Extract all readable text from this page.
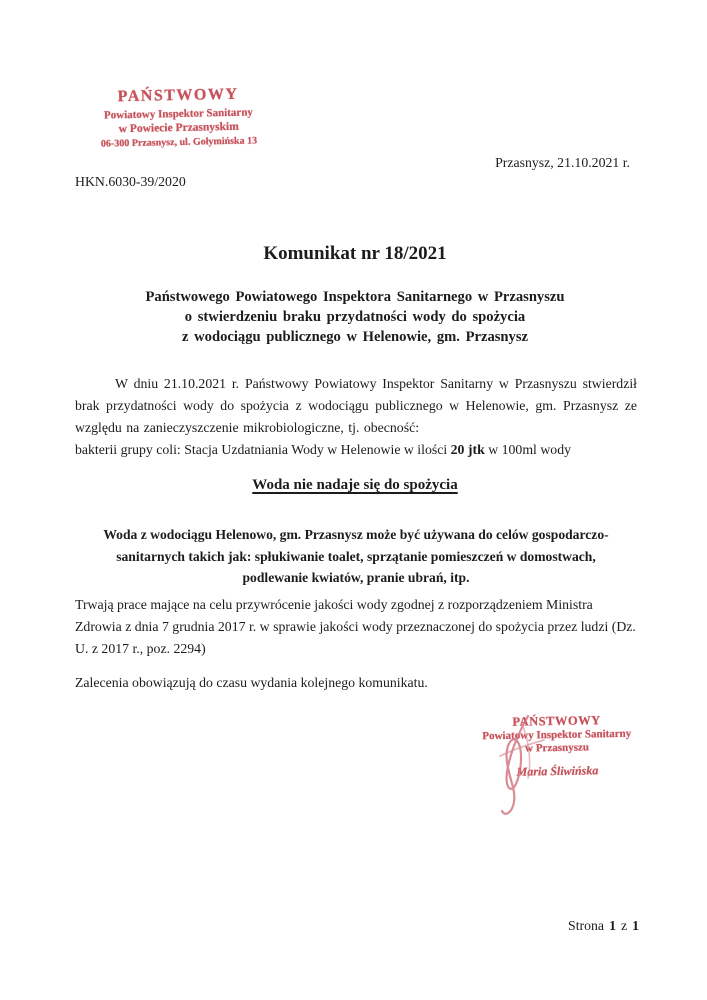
PAŃSTWOWY
Powiatowy Inspektor Sanitarny
w Powiecie Przasnyskim
06-300 Przasnysz, ul. Gołymińska 13
Przasnysz, 21.10.2021 r.
HKN.6030-39/2020
Komunikat nr 18/2021
Państwowego Powiatowego Inspektora Sanitarnego w Przasnyszu
o stwierdzeniu braku przydatności wody do spożycia
z wodociągu publicznego w Helenowie, gm. Przasnysz
W dniu 21.10.2021 r. Państwowy Powiatowy Inspektor Sanitarny w Przasnyszu stwierdził brak przydatności wody do spożycia z wodociągu publicznego w Helenowie, gm. Przasnysz ze względu na zanieczyszczenie mikrobiologiczne, tj. obecność:
bakterii grupy coli: Stacja Uzdatniania Wody w Helenowie w ilości 20 jtk w 100ml wody
Woda nie nadaje się do spożycia
Woda z wodociągu Helenowo, gm. Przasnysz może być używana do celów gospodarczo-
sanitarnych takich jak: spłukiwanie toalet, sprzątanie pomieszczeń w domostwach,
podlewanie kwiatów, pranie ubrań, itp.
Trwają prace mające na celu przywrócenie jakości wody zgodnej z rozporządzeniem Ministra Zdrowia z dnia 7 grudnia 2017 r. w sprawie jakości wody przeznaczonej do spożycia przez ludzi (Dz. U. z 2017 r., poz. 2294)
Zalecenia obowiązują do czasu wydania kolejnego komunikatu.
PAŃSTWOWY
Powiatowy Inspektor Sanitarny
w Przasnyszu
Maria Śliwińska
Strona 1 z 1
